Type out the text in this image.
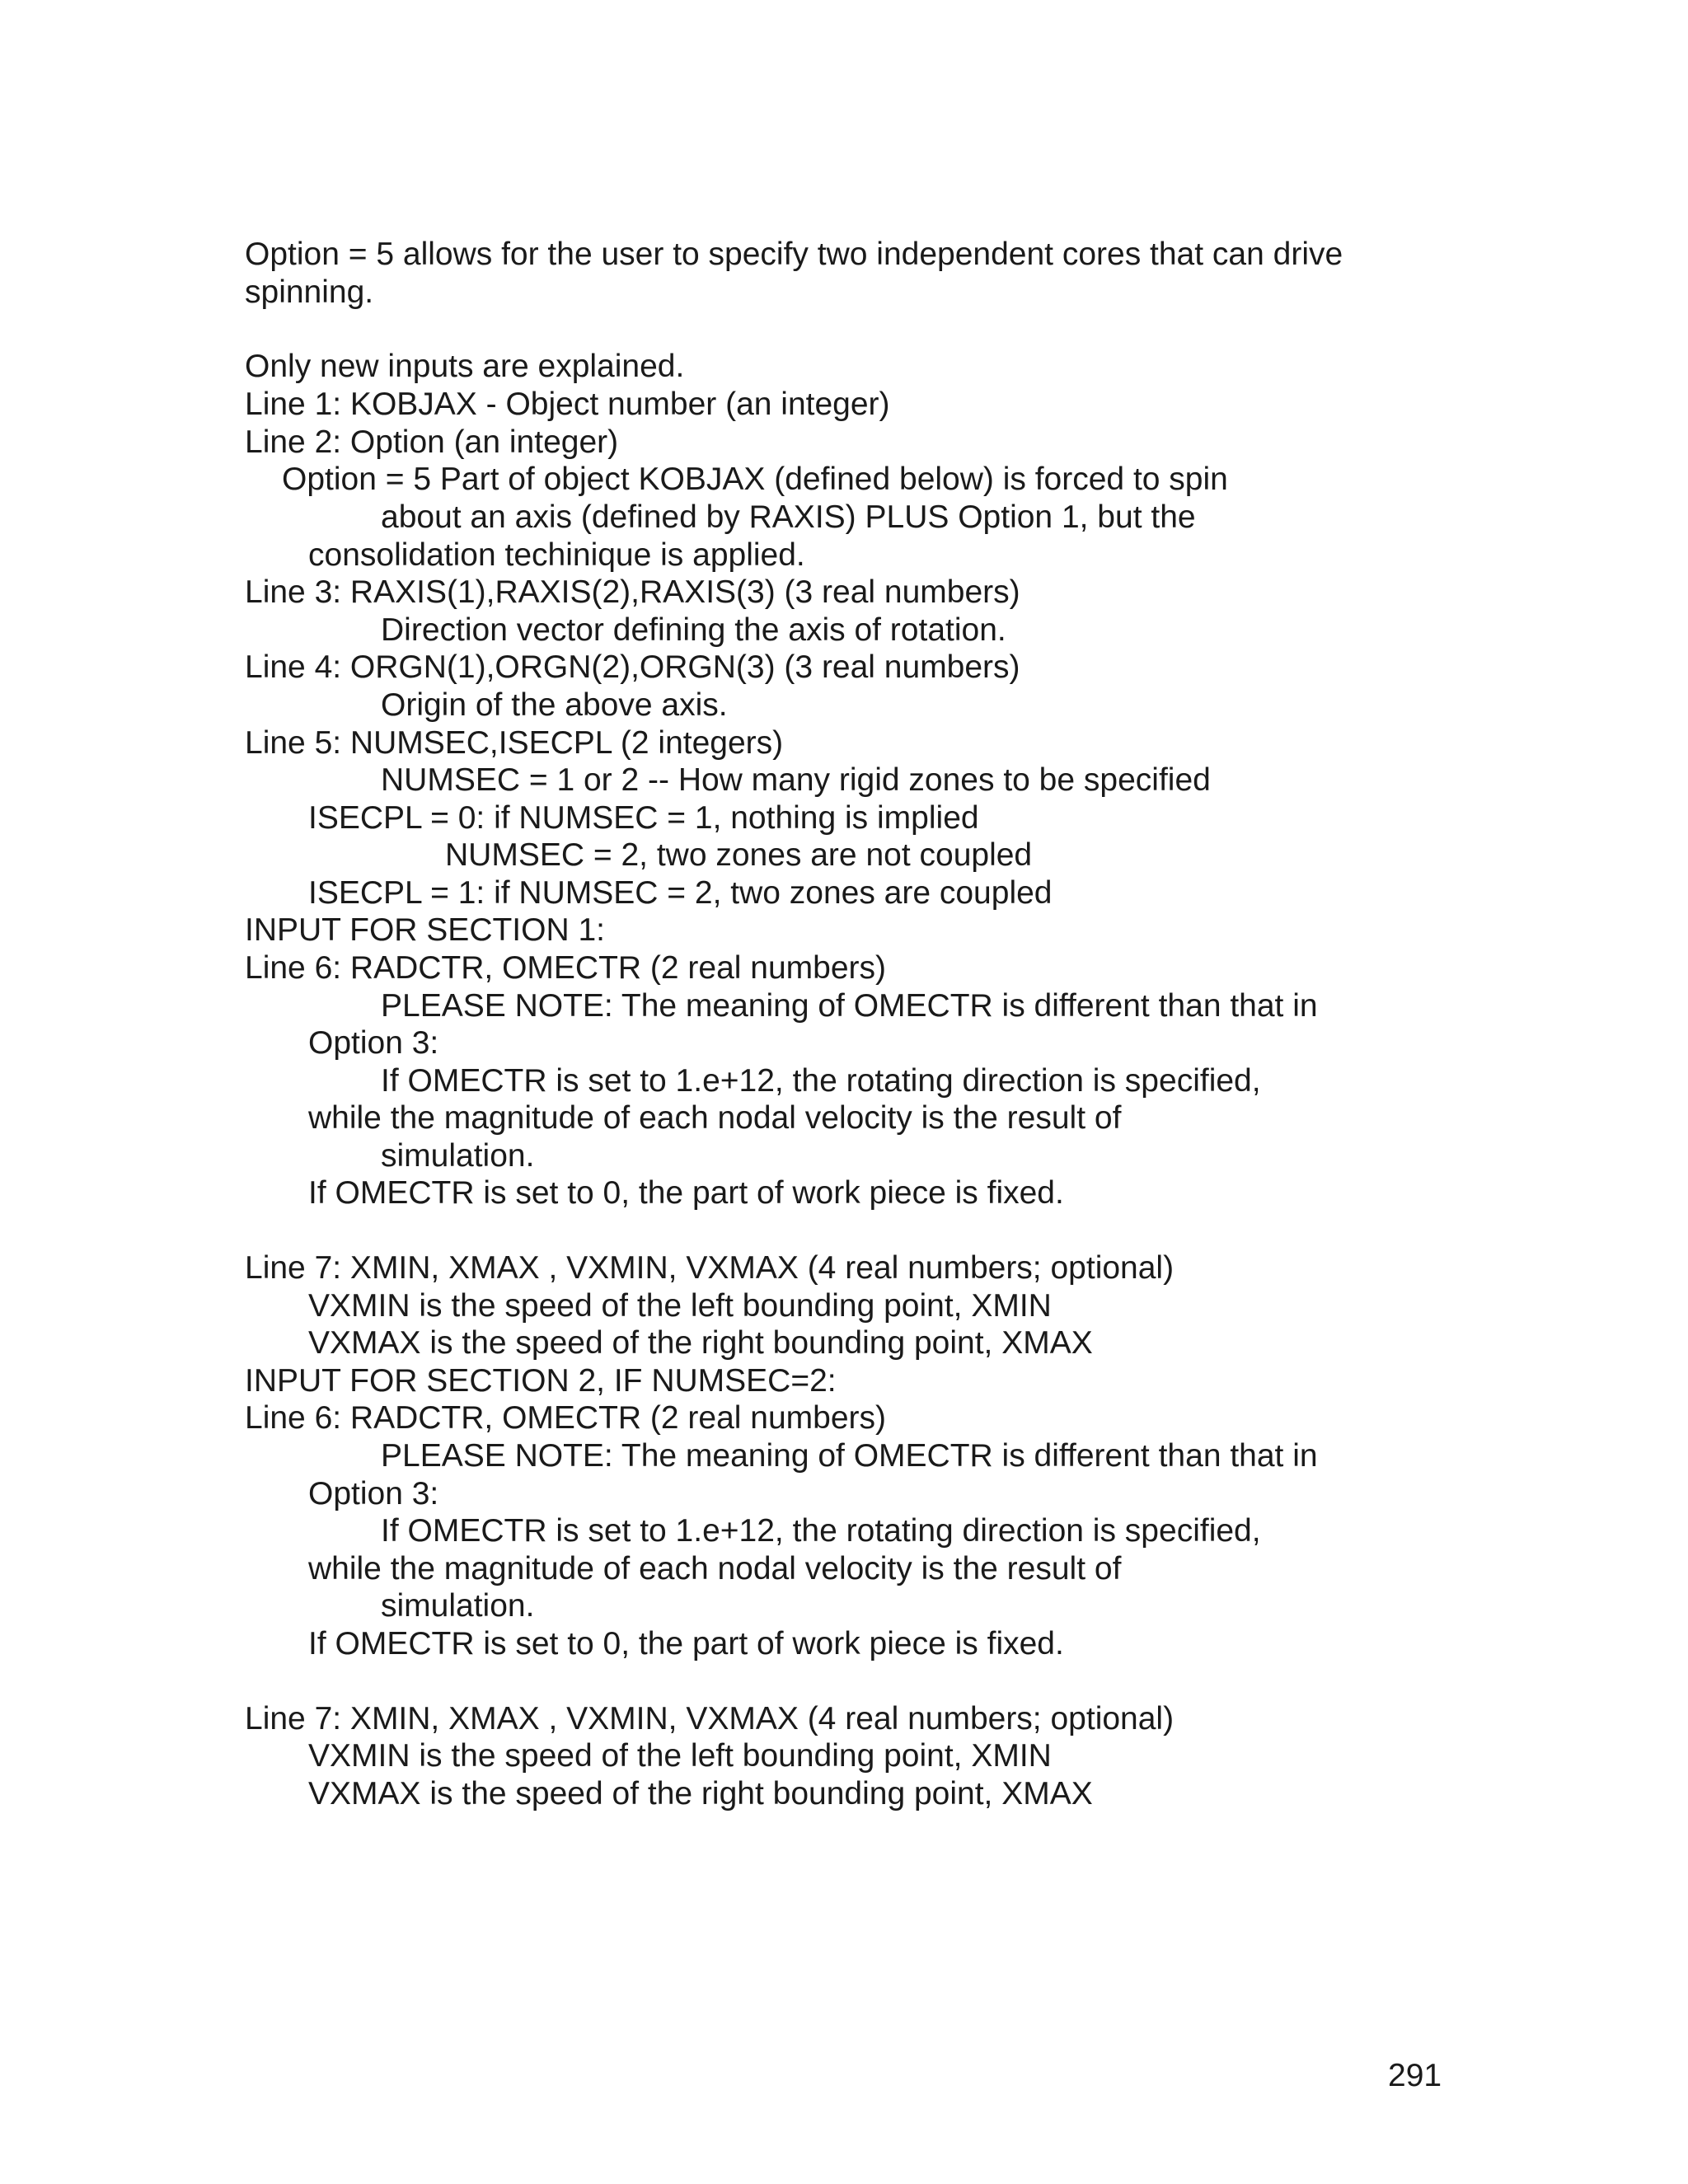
Option = 5 allows for the user to specify two independent cores that can drive

spinning.

Only new inputs are explained.

Line 1: KOBJAX - Object number (an integer)

Line 2: Option (an integer)

Option = 5 Part of object KOBJAX (defined below) is forced to spin

about an axis (defined by RAXIS) PLUS Option 1, but the

consolidation techinique is applied.

Line 3: RAXIS(1),RAXIS(2),RAXIS(3) (3 real numbers)

Direction vector defining the axis of rotation.

Line 4: ORGN(1),ORGN(2),ORGN(3) (3 real numbers)

Origin of the above axis.

Line 5: NUMSEC,ISECPL (2 integers)

NUMSEC = 1 or 2 -- How many rigid zones to be specified

ISECPL = 0: if NUMSEC = 1, nothing is implied

NUMSEC = 2, two zones are not coupled

ISECPL = 1: if NUMSEC = 2, two zones are coupled

INPUT FOR SECTION 1:

Line 6: RADCTR, OMECTR (2 real numbers)

PLEASE NOTE: The meaning of OMECTR is different than that in

Option 3:

If OMECTR is set to 1.e+12, the rotating direction is specified,

while the magnitude of each nodal velocity is the result of

simulation.

If OMECTR is set to 0, the part of work piece is fixed.

Line 7: XMIN, XMAX , VXMIN, VXMAX (4 real numbers; optional)

VXMIN is the speed of the left bounding point, XMIN

VXMAX is the speed of the right bounding point, XMAX

INPUT FOR SECTION 2, IF NUMSEC=2:

Line 6: RADCTR, OMECTR (2 real numbers)

PLEASE NOTE: The meaning of OMECTR is different than that in

Option 3:

If OMECTR is set to 1.e+12, the rotating direction is specified,

while the magnitude of each nodal velocity is the result of

simulation.

If OMECTR is set to 0, the part of work piece is fixed.

Line 7: XMIN, XMAX , VXMIN, VXMAX (4 real numbers; optional)

VXMIN is the speed of the left bounding point, XMIN

VXMAX is the speed of the right bounding point, XMAX

291
